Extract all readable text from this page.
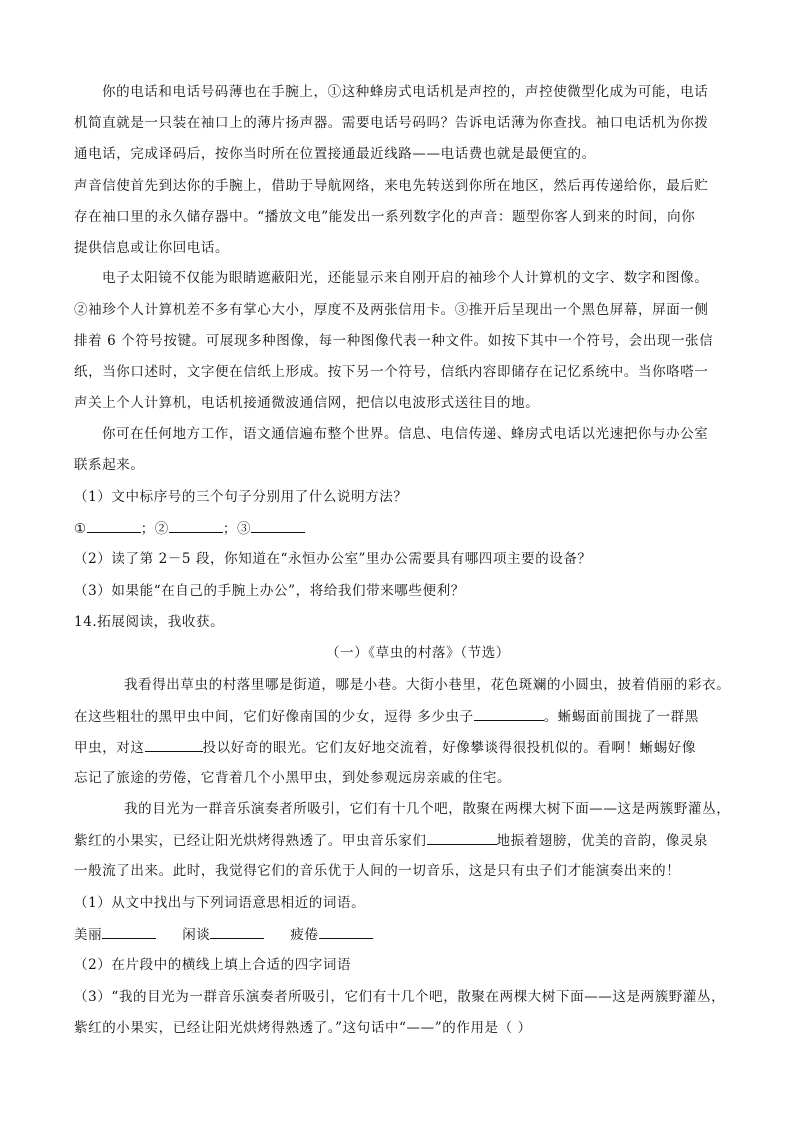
你的电话和电话号码薄也在手腕上，①这种蜂房式电话机是声控的，声控使微型化成为可能，电话
机简直就是一只装在袖口上的薄片扬声器。需要电话号码吗？告诉电话薄为你查找。袖口电话机为你拨
通电话，完成译码后，按你当时所在位置接通最近线路——电话费也就是最便宜的。
声音信使首先到达你的手腕上，借助于导航网络，来电先转送到你所在地区，然后再传递给你，最后贮
存在袖口里的永久储存器中。“播放文电”能发出一系列数字化的声音：题型你客人到来的时间，向你
提供信息或让你回电话。
电子太阳镜不仅能为眼睛遮蔽阳光，还能显示来自刚开启的袖珍个人计算机的文字、数字和图像。
②袖珍个人计算机差不多有掌心大小，厚度不及两张信用卡。③推开后呈现出一个黑色屏幕，屏面一侧
排着 6 个符号按键。可展现多种图像，每一种图像代表一种文件。如按下其中一个符号，会出现一张信
纸，当你口述时，文字便在信纸上形成。按下另一个符号，信纸内容即储存在记忆系统中。当你咯嗒一
声关上个人计算机，电话机接通微波通信网，把信以电波形式送往目的地。
你可在任何地方工作，语文通信遍布整个世界。信息、电信传递、蜂房式电话以光速把你与办公室
联系起来。
（1）文中标序号的三个句子分别用了什么说明方法？
①	；②	；③
（2）读了第 2－5 段，你知道在“永恒办公室”里办公需要具有哪四项主要的设备？
（3）如果能“在自己的手腕上办公”，将给我们带来哪些便利？
14.拓展阅读，我收获。
（一）《草虫的村落》（节选）
我看得出草虫的村落里哪是街道，哪是小巷。大街小巷里，花色斑斓的小圆虫，披着俏丽的彩衣。
在这些粗壮的黑甲虫中间，它们好像南国的少女，逗得 多少虫子	。蜥蜴面前围拢了一群黑
甲虫，对这	投以好奇的眼光。它们友好地交流着，好像攀谈得很投机似的。看啊！蜥蜴好像
忘记了旅途的劳倦，它背着几个小黑甲虫，到处参观远房亲戚的住宅。
我的目光为一群音乐演奏者所吸引，它们有十几个吧，散聚在两棵大树下面——这是两簇野灌丛，
紫红的小果实，已经让阳光烘烤得熟透了。甲虫音乐家们	地振着翅膀，优美的音韵，像灵泉
一般流了出来。此时，我觉得它们的音乐优于人间的一切音乐，这是只有虫子们才能演奏出来的！
（1）从文中找出与下列词语意思相近的词语。
美丽	闲谈	疲倦
（2）在片段中的横线上填上合适的四字词语
（3）“我的目光为一群音乐演奏者所吸引，它们有十几个吧，散聚在两棵大树下面——这是两簇野灌丛，
紫红的小果实，已经让阳光烘烤得熟透了。”这句话中“——”的作用是（ ）
